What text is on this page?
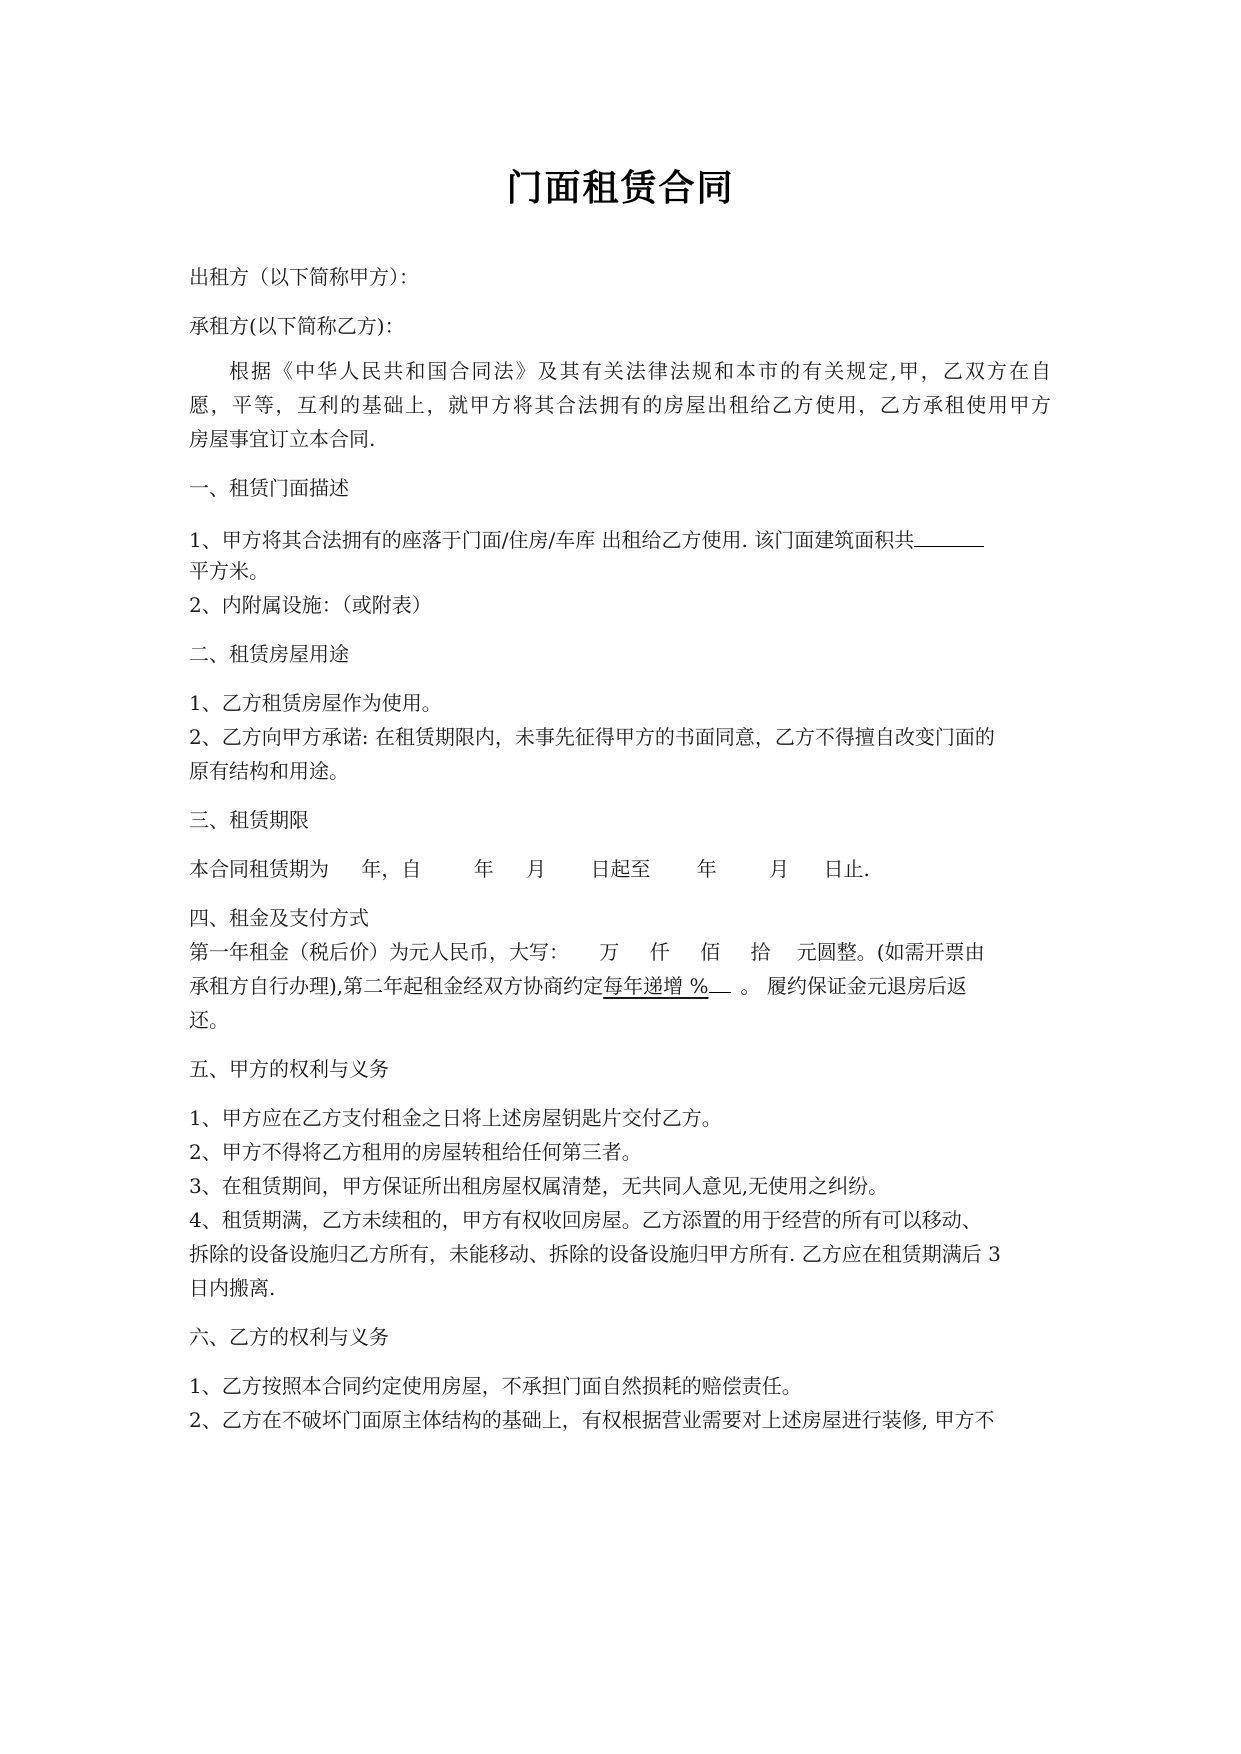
门面租赁合同
出租方（以下简称甲方）：
承租方(以下简称乙方)：
根据《中华人民共和国合同法》及其有关法律法规和本市的有关规定,甲，乙双方在自
愿，平等，互利的基础上，就甲方将其合法拥有的房屋出租给乙方使用，乙方承租使用甲方
房屋事宜订立本合同.
一、租赁门面描述
1、甲方将其合法拥有的座落于门面/住房/车库 出租给乙方使用. 该门面建筑面积共
平方米。
2、内附属设施：（或附表）
二、租赁房屋用途
1、乙方租赁房屋作为使用。
2、乙方向甲方承诺: 在租赁期限内，未事先征得甲方的书面同意，乙方不得擅自改变门面的
原有结构和用途。
三、租赁期限
本合同租赁期为 年，自	年 月 日起至 年	月 日止.
四、租金及支付方式
第一年租金（税后价）为元人民币，大写： 万 仟 佰 拾 元圆整。(如需开票由
承租方自行办理),第二年起租金经双方协商约定每年递增 % 。 履约保证金元退房后返
还。
五、甲方的权利与义务
1、甲方应在乙方支付租金之日将上述房屋钥匙片交付乙方。
2、甲方不得将乙方租用的房屋转租给任何第三者。
3、在租赁期间，甲方保证所出租房屋权属清楚，无共同人意见,无使用之纠纷。
4、租赁期满，乙方未续租的，甲方有权收回房屋。乙方添置的用于经营的所有可以移动、
拆除的设备设施归乙方所有，未能移动、拆除的设备设施归甲方所有. 乙方应在租赁期满后 3
日内搬离.
六、乙方的权利与义务
1、乙方按照本合同约定使用房屋，不承担门面自然损耗的赔偿责任。
2、乙方在不破坏门面原主体结构的基础上，有权根据营业需要对上述房屋进行装修, 甲方不
